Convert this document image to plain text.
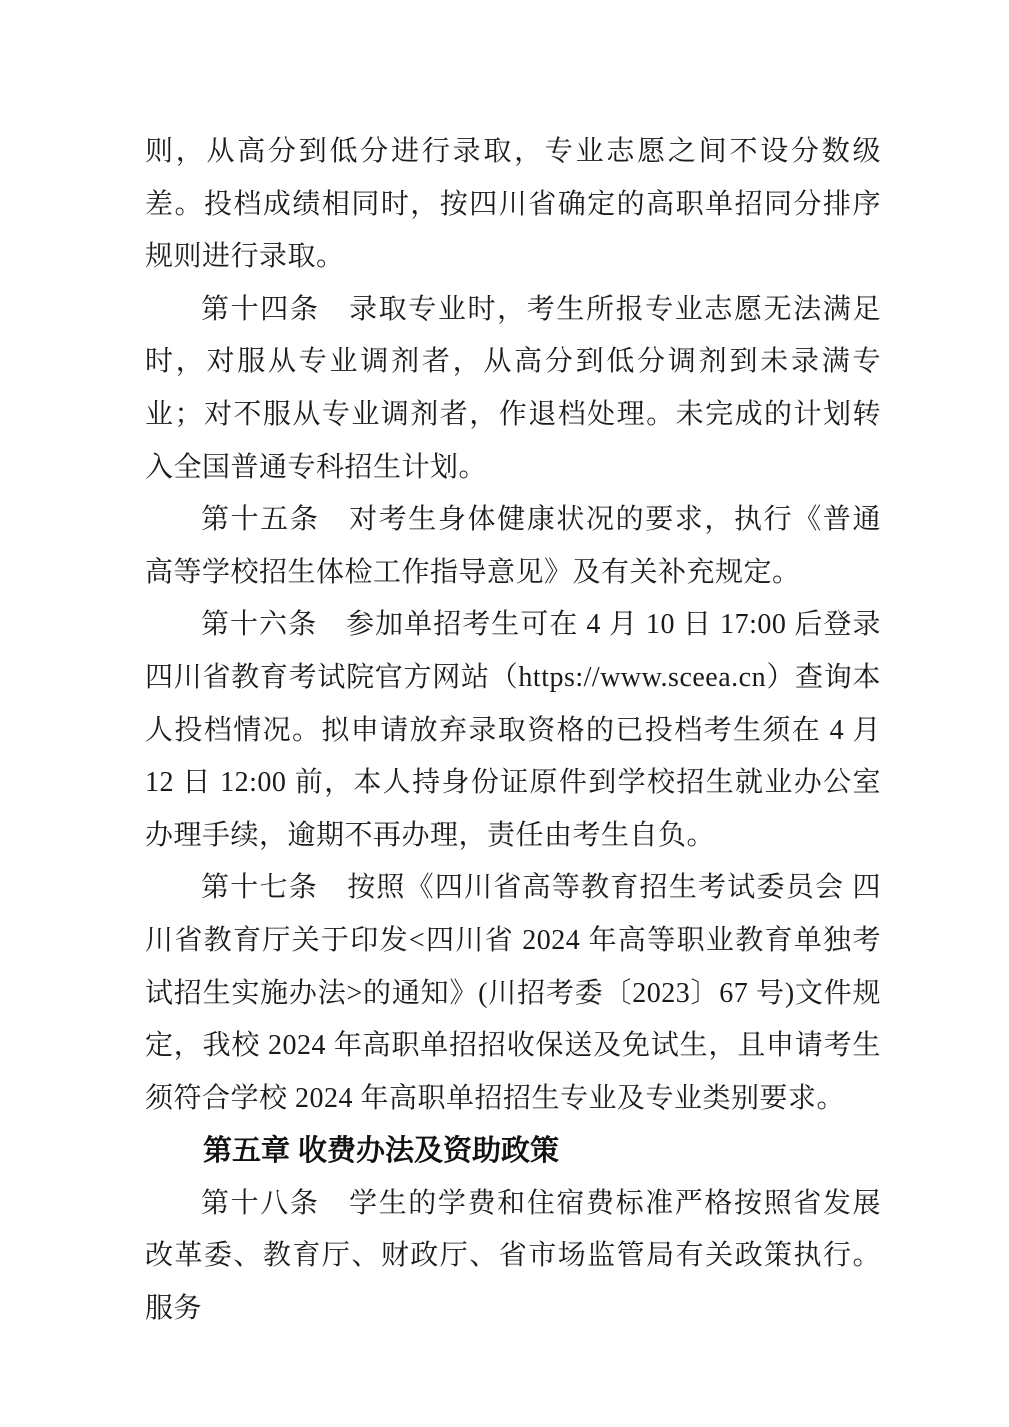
则，从高分到低分进行录取，专业志愿之间不设分数级差。投档成绩相同时，按四川省确定的高职单招同分排序规则进行录取。

第十四条　录取专业时，考生所报专业志愿无法满足时，对服从专业调剂者，从高分到低分调剂到未录满专业；对不服从专业调剂者，作退档处理。未完成的计划转入全国普通专科招生计划。

第十五条　对考生身体健康状况的要求，执行《普通高等学校招生体检工作指导意见》及有关补充规定。

第十六条　参加单招考生可在 4 月 10 日 17:00 后登录四川省教育考试院官方网站（https://www.sceea.cn）查询本人投档情况。拟申请放弃录取资格的已投档考生须在 4 月 12 日 12:00 前，本人持身份证原件到学校招生就业办公室办理手续，逾期不再办理，责任由考生自负。

第十七条　按照《四川省高等教育招生考试委员会 四川省教育厅关于印发<四川省 2024 年高等职业教育单独考试招生实施办法>的通知》(川招考委〔2023〕67 号)文件规定，我校 2024 年高职单招招收保送及免试生，且申请考生须符合学校 2024 年高职单招招生专业及专业类别要求。

第五章 收费办法及资助政策

第十八条　学生的学费和住宿费标准严格按照省发展改革委、教育厅、财政厅、省市场监管局有关政策执行。服务
